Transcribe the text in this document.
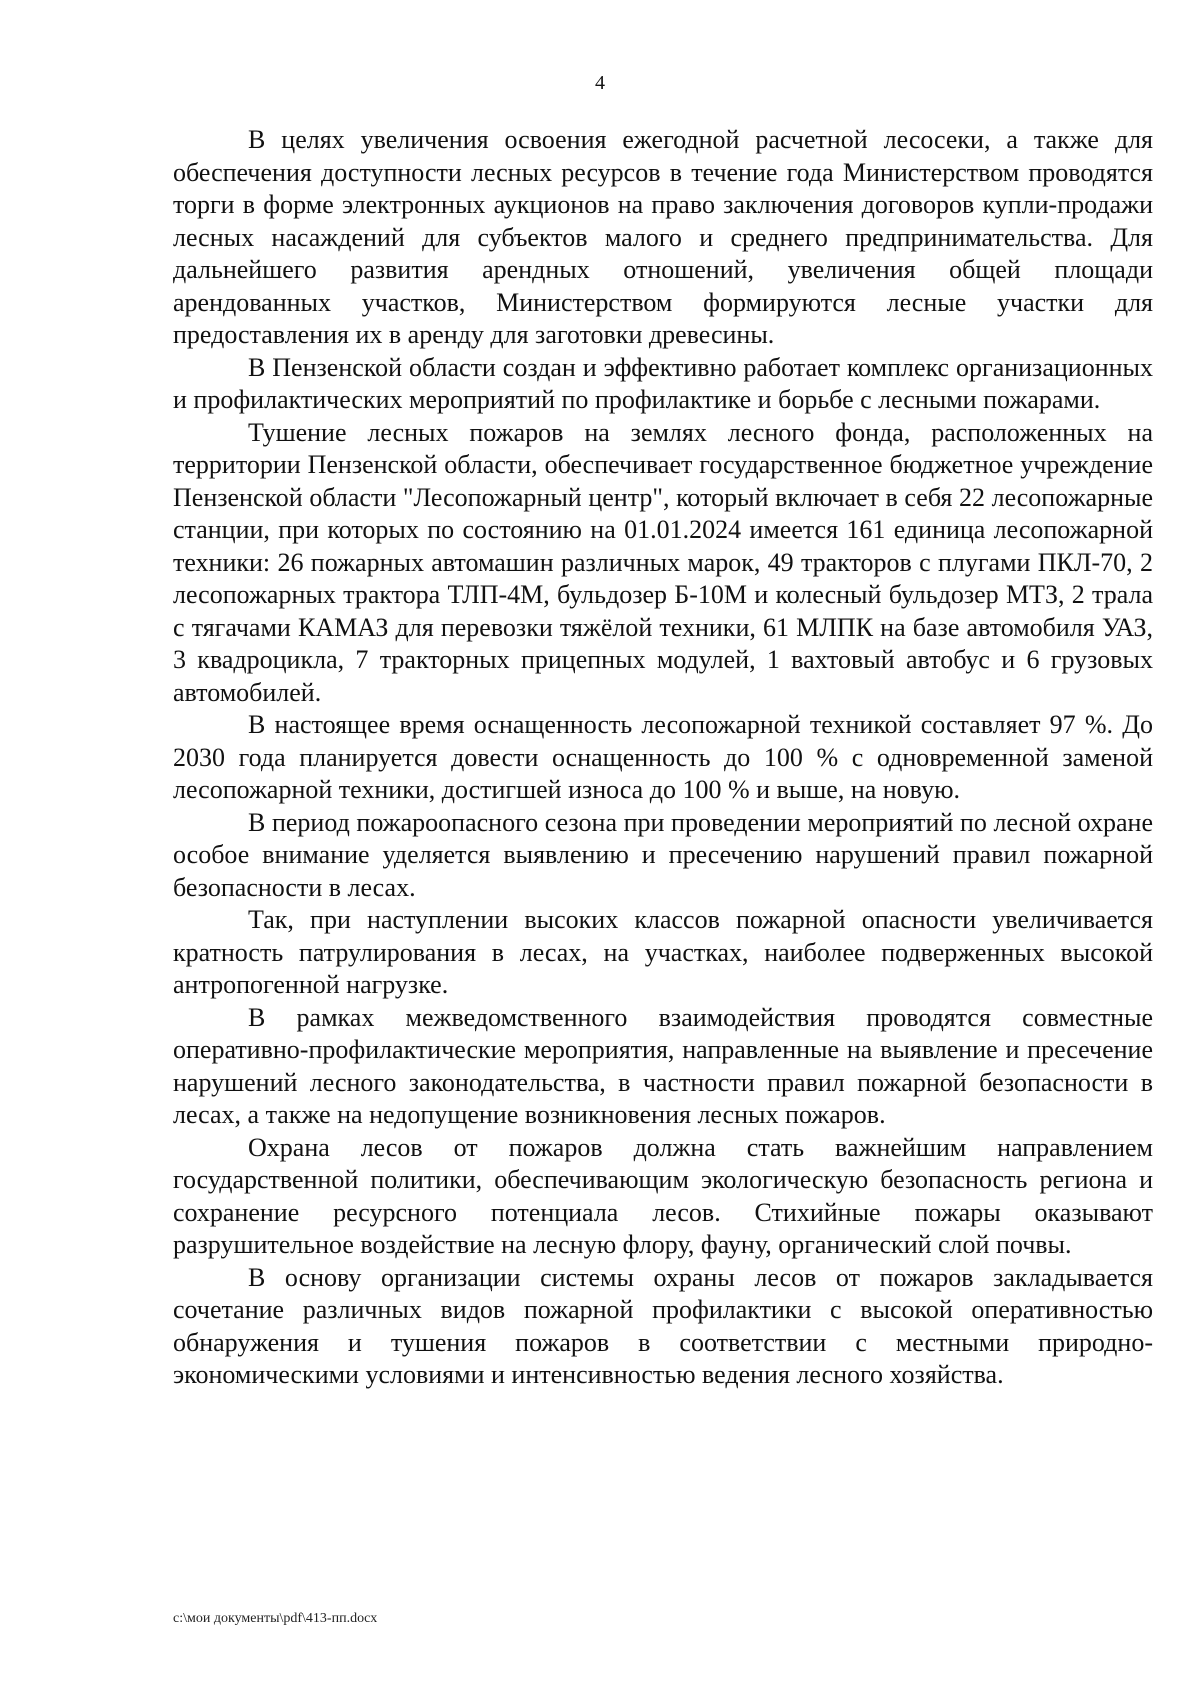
4

В целях увеличения освоения ежегодной расчетной лесосеки, а также для обеспечения доступности лесных ресурсов в течение года Министерством проводятся торги в форме электронных аукционов на право заключения договоров купли-продажи лесных насаждений для субъектов малого и среднего предпринимательства. Для дальнейшего развития арендных отношений, увеличения общей площади арендованных участков, Министерством формируются лесные участки для предоставления их в аренду для заготовки древесины.

В Пензенской области создан и эффективно работает комплекс организационных и профилактических мероприятий по профилактике и борьбе с лесными пожарами.

Тушение лесных пожаров на землях лесного фонда, расположенных на территории Пензенской области, обеспечивает государственное бюджетное учреждение Пензенской области "Лесопожарный центр", который включает в себя 22 лесопожарные станции, при которых по состоянию на 01.01.2024 имеется 161 единица лесопожарной техники: 26 пожарных автомашин различных марок, 49 тракторов с плугами ПКЛ-70, 2 лесопожарных трактора ТЛП-4М, бульдозер Б-10М и колесный бульдозер МТЗ, 2 трала с тягачами КАМАЗ для перевозки тяжёлой техники, 61 МЛПК на базе автомобиля УАЗ, 3 квадроцикла, 7 тракторных прицепных модулей, 1 вахтовый автобус и 6 грузовых автомобилей.

В настоящее время оснащенность лесопожарной техникой составляет 97 %. До 2030 года планируется довести оснащенность до 100 % с одновременной заменой лесопожарной техники, достигшей износа до 100 % и выше, на новую.

В период пожароопасного сезона при проведении мероприятий по лесной охране особое внимание уделяется выявлению и пресечению нарушений правил пожарной безопасности в лесах.

Так, при наступлении высоких классов пожарной опасности увеличивается кратность патрулирования в лесах, на участках, наиболее подверженных высокой антропогенной нагрузке.

В рамках межведомственного взаимодействия проводятся совместные оперативно-профилактические мероприятия, направленные на выявление и пресечение нарушений лесного законодательства, в частности правил пожарной безопасности в лесах, а также на недопущение возникновения лесных пожаров.

Охрана лесов от пожаров должна стать важнейшим направлением государственной политики, обеспечивающим экологическую безопасность региона и сохранение ресурсного потенциала лесов. Стихийные пожары оказывают разрушительное воздействие на лесную флору, фауну, органический слой почвы.

В основу организации системы охраны лесов от пожаров закладывается сочетание различных видов пожарной профилактики с высокой оперативностью обнаружения и тушения пожаров в соответствии с местными природно-экономическими условиями и интенсивностью ведения лесного хозяйства.

c:\мои документы\pdf\413-пп.docx
